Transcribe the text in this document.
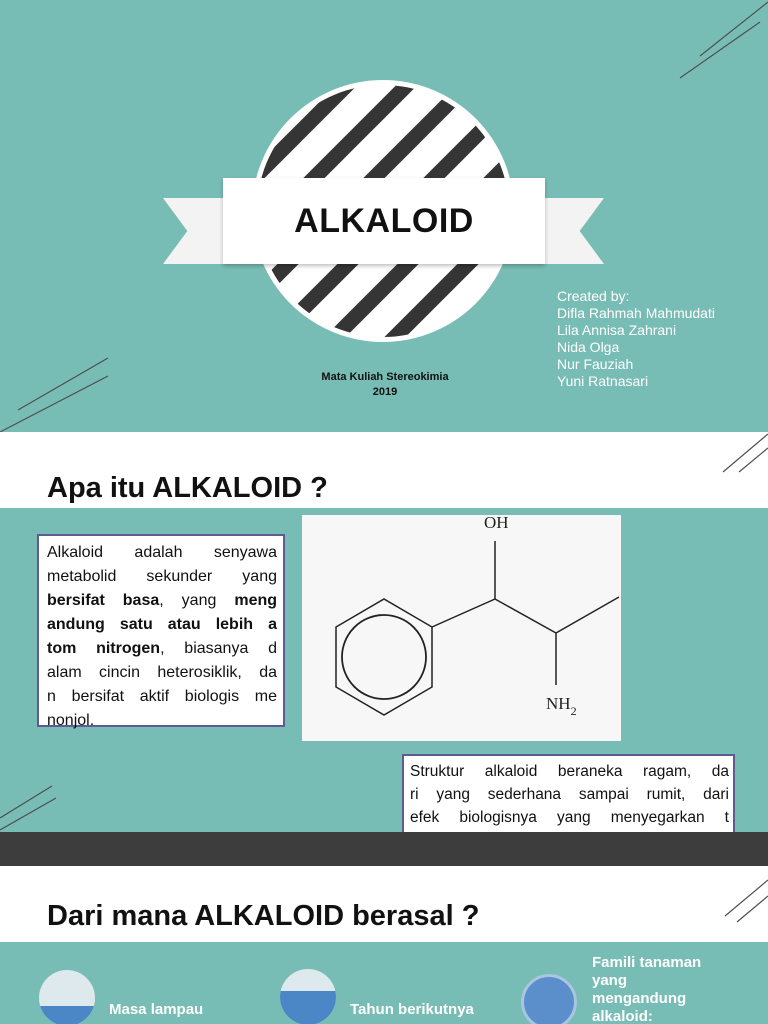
ALKALOID
Mata Kuliah Stereokimia
2019
Created by:
Difla Rahmah Mahmudati
Lila Annisa Zahrani
Nida Olga
Nur Fauziah
Yuni Ratnasari
Apa itu ALKALOID ?
Alkaloid adalah senyawa
metabolid sekunder yang
bersifat basa, yang meng
andung satu atau lebih a
tom nitrogen, biasanya d
alam cincin heterosiklik, da
n bersifat aktif biologis me
nonjol.
OH
$NH_2$
Struktur alkaloid beraneka ragam, da
ri yang sederhana sampai rumit, dari
efek biologisnya yang menyegarkan t
Dari mana ALKALOID berasal ?
Masa lampau	Tahun berikutnya
Famili tanaman
yang
mengandung
alkaloid:
